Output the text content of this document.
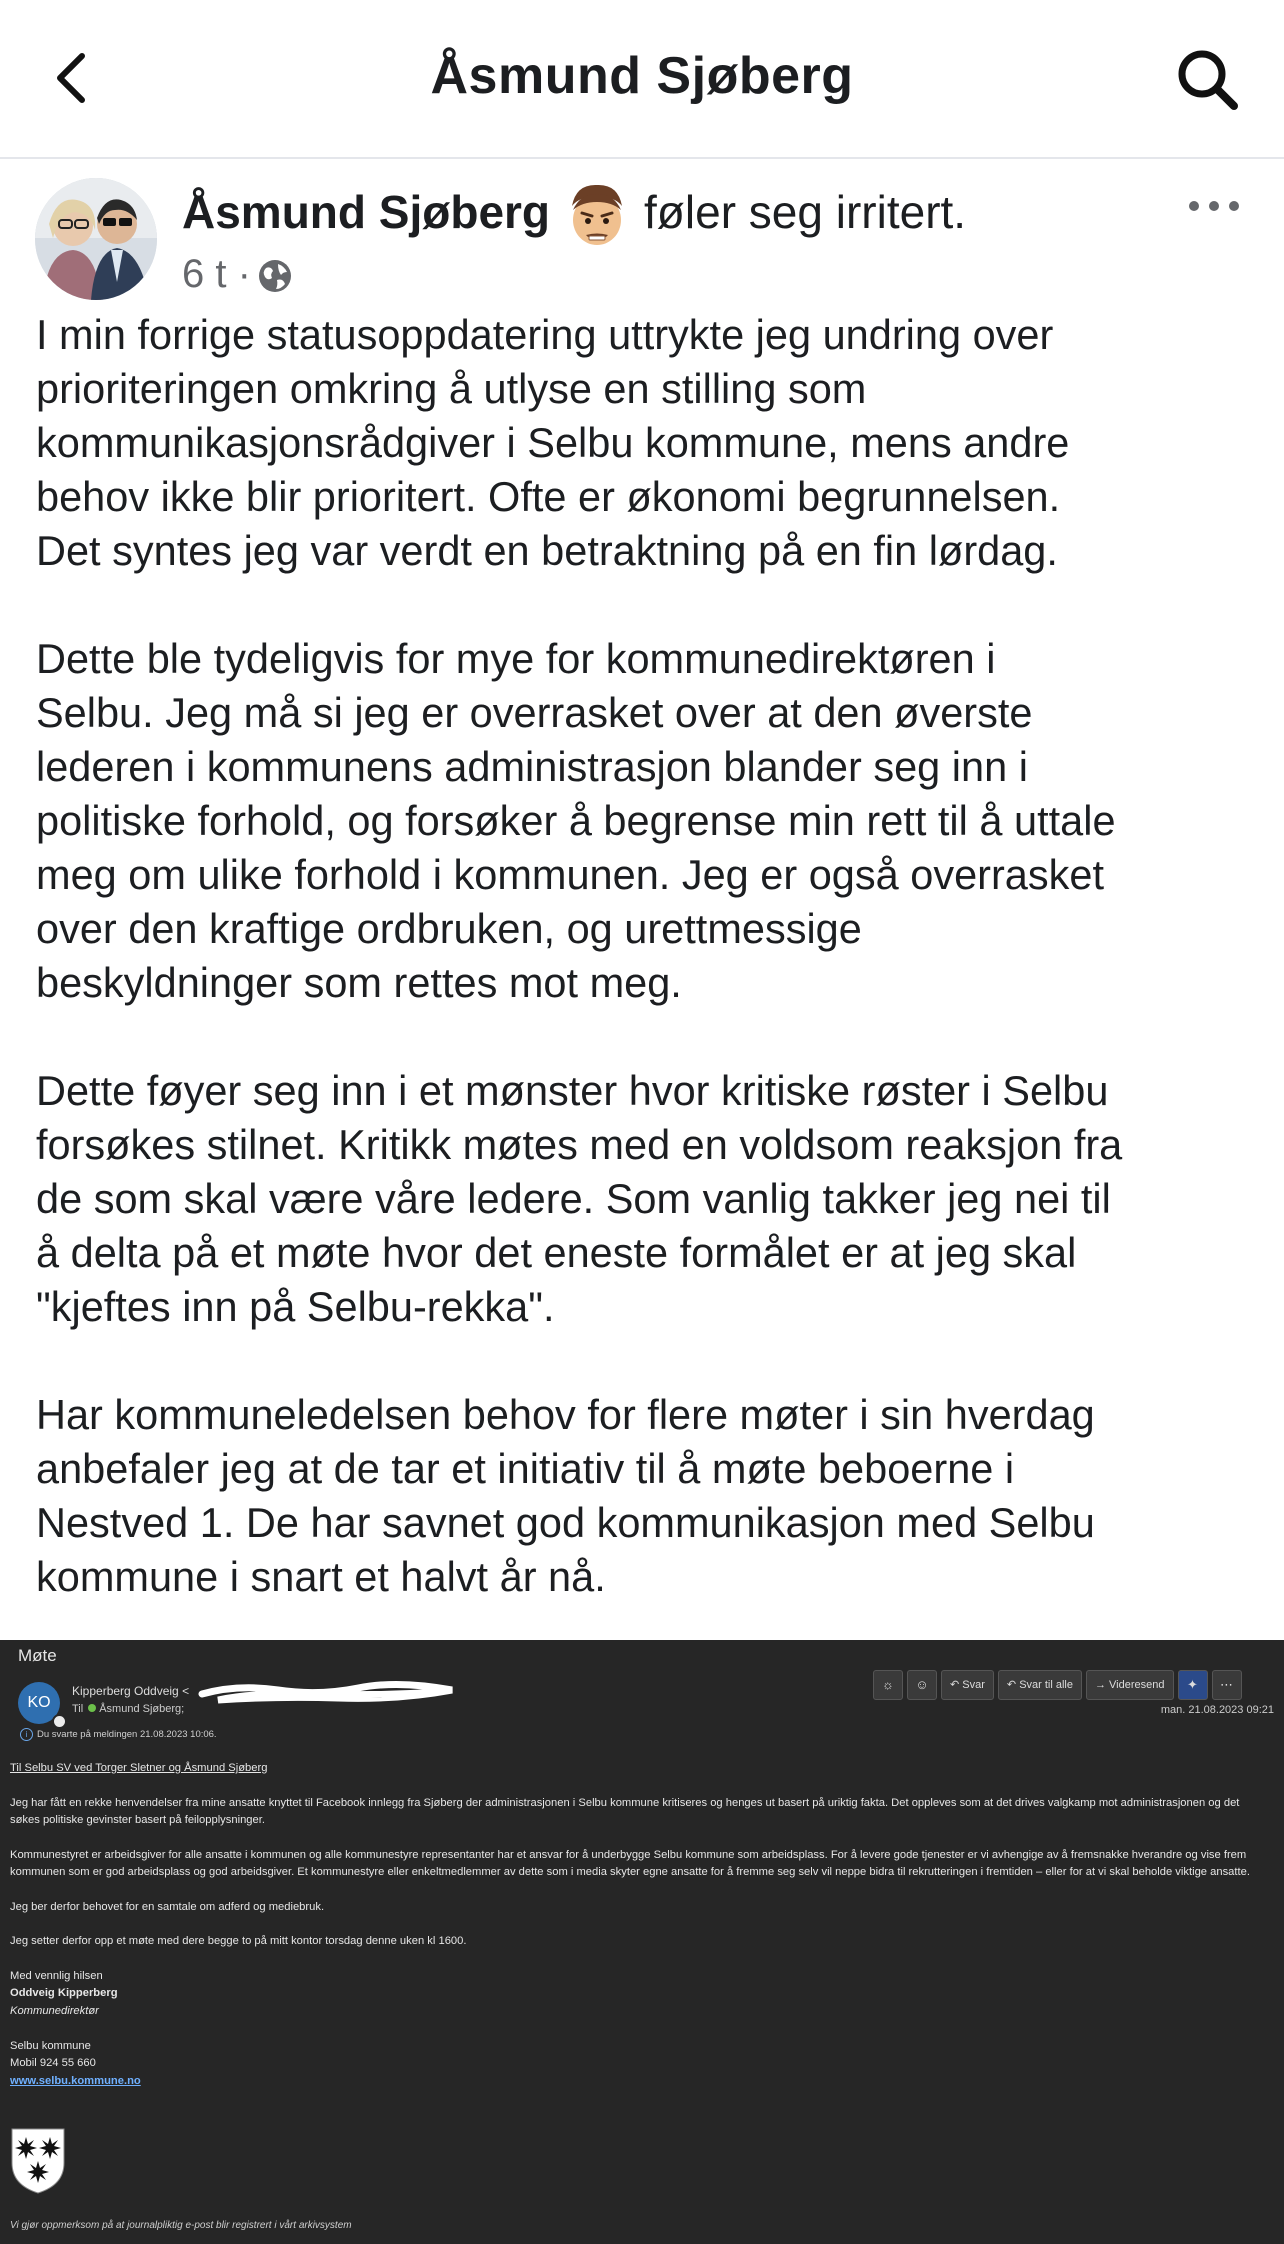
Åsmund Sjøberg
Åsmund Sjøberg føler seg irritert.
6 t ·
I min forrige statusoppdatering uttrykte jeg undring over
prioriteringen omkring å utlyse en stilling som
kommunikasjonsrådgiver i Selbu kommune, mens andre
behov ikke blir prioritert. Ofte er økonomi begrunnelsen.
Det syntes jeg var verdt en betraktning på en fin lørdag.

Dette ble tydeligvis for mye for kommunedirektøren i
Selbu. Jeg må si jeg er overrasket over at den øverste
lederen i kommunens administrasjon blander seg inn i
politiske forhold, og forsøker å begrense min rett til å uttale
meg om ulike forhold i kommunen. Jeg er også overrasket
over den kraftige ordbruken, og urettmessige
beskyldninger som rettes mot meg.

Dette føyer seg inn i et mønster hvor kritiske røster i Selbu
forsøkes stilnet. Kritikk møtes med en voldsom reaksjon fra
de som skal være våre ledere. Som vanlig takker jeg nei til
å delta på et møte hvor det eneste formålet er at jeg skal
"kjeftes inn på Selbu-rekka".

Har kommuneledelsen behov for flere møter i sin hverdag
anbefaler jeg at de tar et initiativ til å møte beboerne i
Nestved 1. De har savnet god kommunikasjon med Selbu
kommune i snart et halvt år nå.
Møte
KO
Kipperberg Oddveig <
Til Åsmund Sjøberg;
i Du svarte på meldingen 21.08.2023 10:06.
☼	☺	↶ Svar	↶ Svar til alle	→ Videresend	✦	⋯
man. 21.08.2023 09:21

Til Selbu SV ved Torger Sletner og Åsmund Sjøberg

Jeg har fått en rekke henvendelser fra mine ansatte knyttet til Facebook innlegg fra Sjøberg der administrasjonen i Selbu kommune kritiseres og henges ut basert på uriktig fakta. Det oppleves som at det drives valgkamp mot administrasjonen og det søkes politiske gevinster basert på feilopplysninger.

Kommunestyret er arbeidsgiver for alle ansatte i kommunen og alle kommunestyre representanter har et ansvar for å underbygge Selbu kommune som arbeidsplass. For å levere gode tjenester er vi avhengige av å fremsnakke hverandre og vise frem kommunen som er god arbeidsplass og god arbeidsgiver. Et kommunestyre eller enkeltmedlemmer av dette som i media skyter egne ansatte for å fremme seg selv vil neppe bidra til rekrutteringen i fremtiden – eller for at vi skal beholde viktige ansatte.

Jeg ber derfor behovet for en samtale om adferd og mediebruk.

Jeg setter derfor opp et møte med dere begge to på mitt kontor torsdag denne uken kl 1600.

Med vennlig hilsen
Oddveig Kipperberg
Kommunedirektør

Selbu kommune
Mobil 924 55 660
www.selbu.kommune.no
Vi gjør oppmerksom på at journalpliktig e-post blir registrert i vårt arkivsystem
